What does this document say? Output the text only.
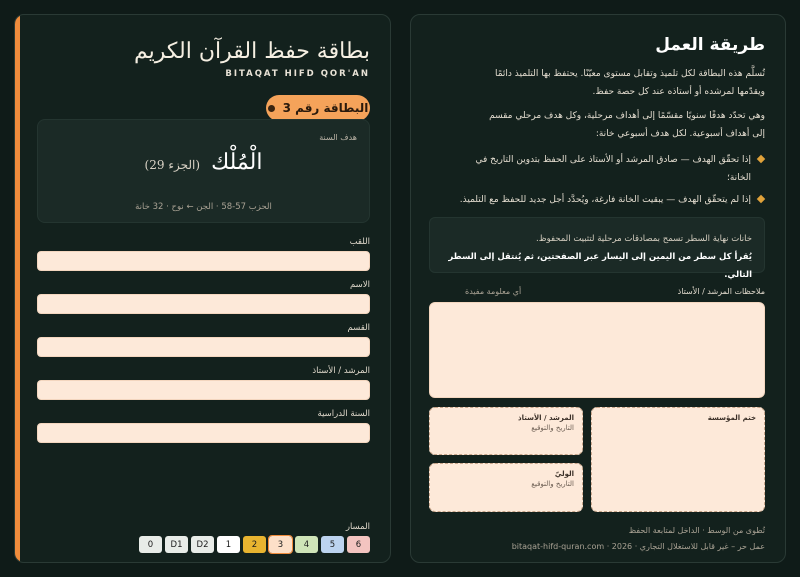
بطاقة حفظ القرآن الكريم
BITAQAT HIFD QOR'AN
البطاقة رقم 3
هدف السنة
الْمُلْك (الجزء 29)
الحزب 57-58 · الجن ← نوح · 32 خانة
اللقب
الاسم
القسم
المرشد / الأستاذ
السنة الدراسية
المسار
6
5
4
3
2
1
D2
D1
0
طريقة العمل
تُسلَّم هذه البطاقة لكل تلميذ وتقابل مستوى معيّنًا. يحتفظ بها التلميذ دائمًا
ويقدّمها لمرشده أو أستاذه عند كل حصة حفظ.
وهي تحدّد هدفًا سنويًا مقسّمًا إلى أهداف مرحلية، وكل هدف مرحلي مقسم
إلى أهداف أسبوعية. لكل هدف أسبوعي خانة:
إذا تحقّق الهدف — صادق المرشد أو الأستاذ على الحفظ بتدوين التاريخ في
الخانة؛
إذا لم يتحقّق الهدف — يبقيت الخانة فارغة، ويُحدَّد أجل جديد للحفظ مع التلميذ.
خانات نهاية السطر تسمح بمصادقات مرحلية لتثبيت المحفوظ.
يُقرأ كل سطر من اليمين إلى اليسار عبر الصفحتين، ثم يُنتقل إلى السطر التالي.
ملاحظات المرشد / الأستاذ
أي معلومة مفيدة
ختم المؤسسة
المرشد / الأستاذ
التاريخ والتوقيع
الوليّ
التاريخ والتوقيع
تُطوى من الوسط · الداخل لمتابعة الحفظ
bitaqat-hifd-quran.com · 2026 · عمل حر – غير قابل للاستغلال التجاري
